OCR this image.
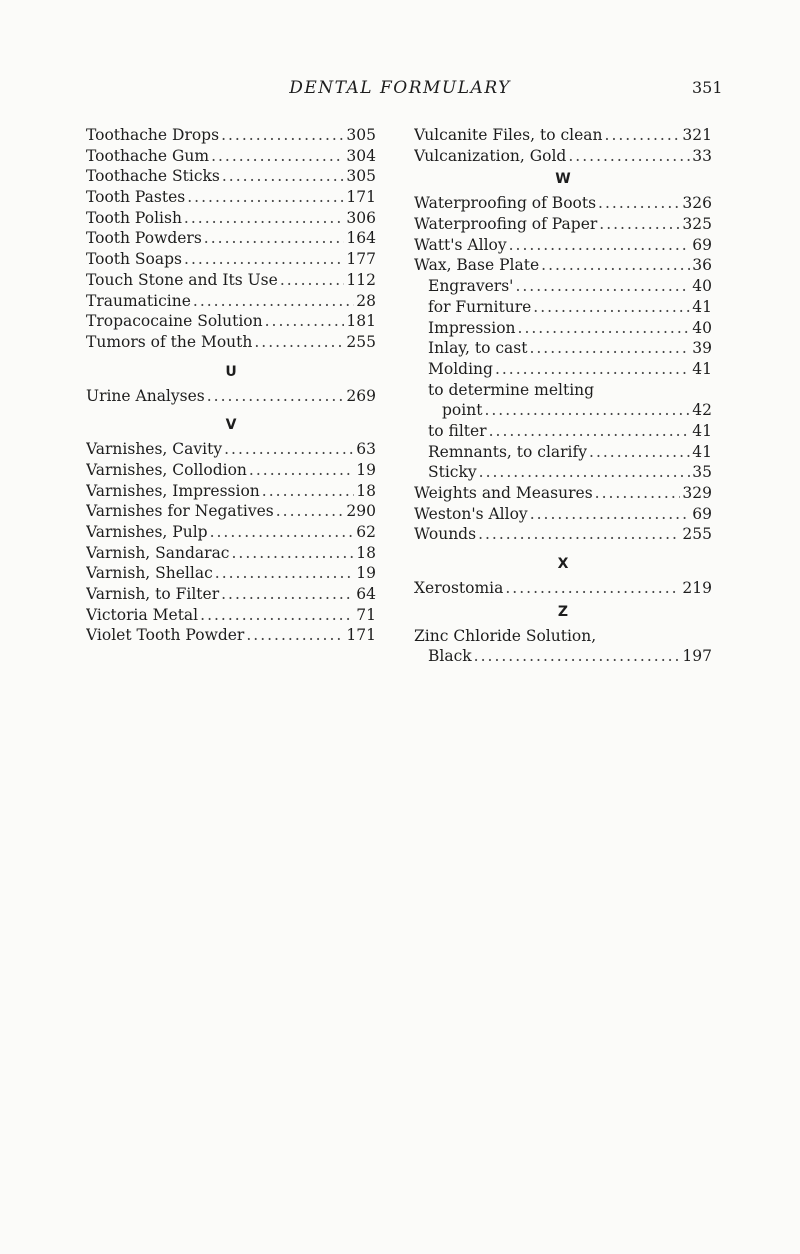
DENTAL FORMULARY	351
Toothache Drops .....	305
Toothache Gum .....	304
Toothache Sticks .....	305
Tooth Pastes .....	171
Tooth Polish .....	306
Tooth Powders .....	164
Tooth Soaps .....	177
Touch Stone and Its Use .....	112
Traumaticine .....	28
Tropacocaine Solution .....	181
Tumors of the Mouth .....	255
U
Urine Analyses .....	269
V
Varnishes, Cavity .....	63
Varnishes, Collodion .....	19
Varnishes, Impression .....	18
Varnishes for Negatives .....	290
Varnishes, Pulp .....	62
Varnish, Sandarac .....	18
Varnish, Shellac .....	19
Varnish, to Filter .....	64
Victoria Metal .....	71
Violet Tooth Powder .....	171
Vulcanite Files, to clean .....	321
Vulcanization, Gold .....	33
W
Waterproofing of Boots .....	326
Waterproofing of Paper .....	325
Watt's Alloy .....	69
Wax, Base Plate .....	36
Engravers' .....	40
for Furniture .....	41
Impression .....	40
Inlay, to cast .....	39
Molding .....	41
to determine melting
point .....	42
to filter .....	41
Remnants, to clarify .....	41
Sticky .....	35
Weights and Measures .....	329
Weston's Alloy .....	69
Wounds .....	255
X
Xerostomia .....	219
Z
Zinc Chloride Solution,
Black .....	197
